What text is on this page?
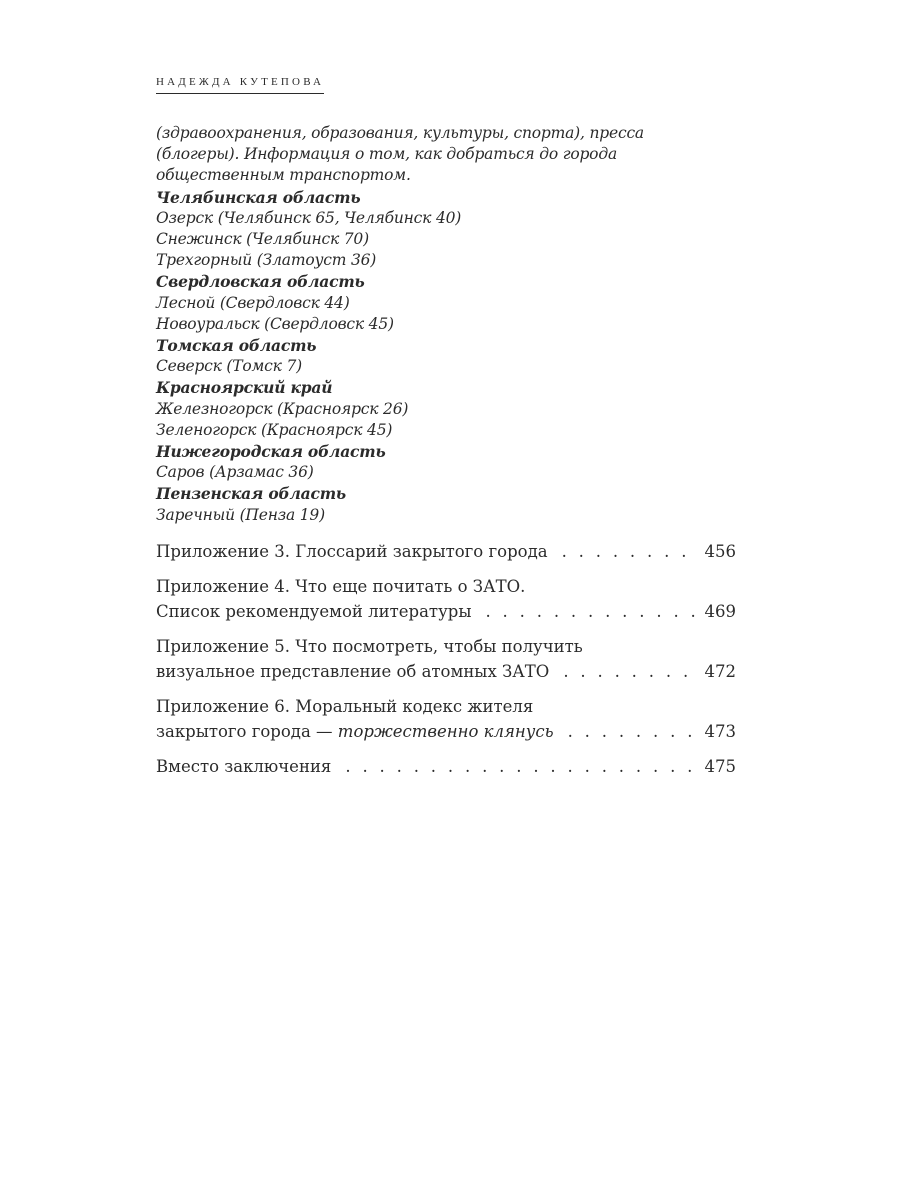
НАДЕЖДА КУТЕПОВА
(здравоохранения, образования, культуры, спорта), пресса
(блогеры). Информация о том, как добраться до города
общественным транспортом.
Челябинская область
Озерск (Челябинск 65, Челябинск 40)
Снежинск (Челябинск 70)
Трехгорный (Златоуст 36)
Свердловская область
Лесной (Свердловск 44)
Новоуральск (Свердловск 45)
Томская область
Северск (Томск 7)
Красноярский край
Железногорск (Красноярск 26)
Зеленогорск (Красноярск 45)
Нижегородская область
Саров (Арзамас 36)
Пензенская область
Заречный (Пенза 19)
Приложение 3. Глоссарий закрытого города . . .	456
Приложение 4. Что еще почитать о ЗАТО.
Список рекомендуемой литературы . . .	469
Приложение 5. Что посмотреть, чтобы получить
визуальное представление об атомных ЗАТО . . .	472
Приложение 6. Моральный кодекс жителя
закрытого города — торжественно клянусь . . .	473
Вместо заключения . . .	475
